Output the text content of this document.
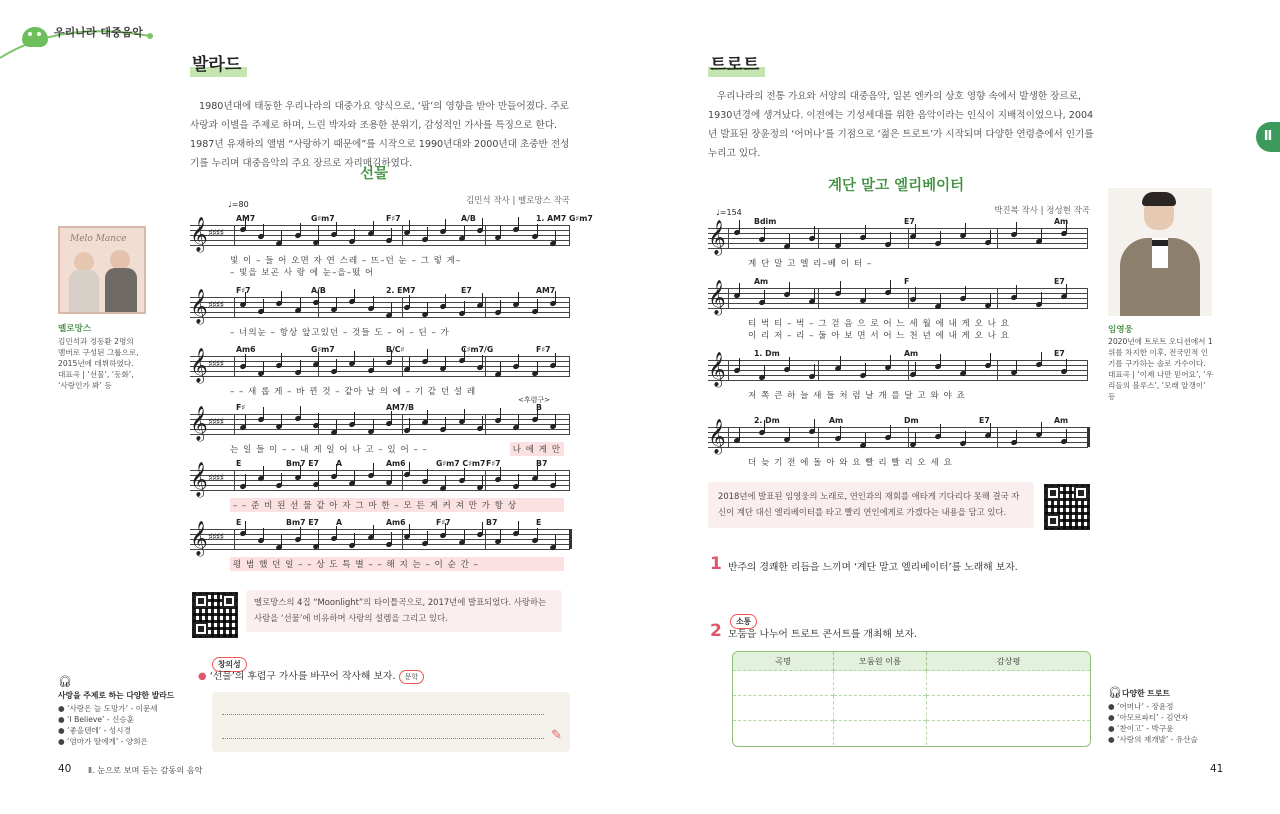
우리나라 대중음악
발라드
1980년대에 태동한 우리나라의 대중가요 양식으로, ‘팝’의 영향을 받아 만들어졌다. 주로 사랑과 이별을 주제로 하며, 느린 박자와 조용한 분위기, 감성적인 가사를 특징으로 한다. 1987년 유재하의 앨범 “사랑하기 때문에”를 시작으로 1990년대와 2000년대 초중반 전성기를 누리며 대중음악의 주요 장르로 자리매김하였다.
선물
김민석 작사 | 멜로망스 작곡
♩=80
AM7	G♯m7	F♯7	A/B	1. AM7 G♯m7
𝄞 ♯♯♯♯
빛 이 – 들 어 오면 자 연 스레 – 뜨–던 눈 – 그 렇 게–
– 빛을 보곤 사 랑 에 눈–을–떴 어
F♯7	A/B	2. EM7	E7	AM7
𝄞 ♯♯♯♯
– 너의눈 – 항상 앞고있던 – 것들 도 – 어 – 딘 – 가
Am6	G♯m7	B/C♯	C♯m7/G	F♯7
𝄞 ♯♯♯♯
– – 새 롭 게 – 바 뀐 것 – 같아 날 의 에 – 기 같 던 설 레
F♯	AM7/B	B
<후렴구>
𝄞 ♯♯♯♯
는 일 들 이 – – 내 게 일 어 나 고 – 있 어 – –	나 에 게 만
E	Bm7 E7 A	Am6	G♯m7 C♯m7 F♯7	B7
𝄞 ♯♯♯♯
– – 준 비 된 선 물 같 아 자 그 마 한 – 모 든 게 커 져 만 가 항 상
E	Bm7 E7 A	Am6	F♯7	B7	E
𝄞 ♯♯♯♯
평 범 했 던 일 – – 상 도 특 별 – – 해 지 는 – 이 순 간 –
Melo Mance
멜로망스
김민석과 정동환 2명의 멤버로 구성된 그룹으로, 2015년에 데뷔하였다. 대표곡 | ‘선물’, ‘동화’, ‘사랑인가 봐’ 등
멜로망스의 4집 “Moonlight”의 타이틀곡으로, 2017년에 발표되었다. 사랑하는 사람을 ‘선물’에 비유하며 사랑의 설렘을 그리고 있다.
창의성
● ‘선물’의 후렴구 가사를 바꾸어 작사해 보자. 문학
✎
🎧︎
사랑을 주제로 하는 다양한 발라드
● ‘사랑은 늘 도망가’ - 이문세
● ‘I Believe’ - 신승훈
● ‘좋을텐데’ - 성시경
● ‘엄마가 딸에게’ - 양희은
40 Ⅱ. 눈으로 보며 듣는 감동의 음악
트로트
우리나라의 전통 가요와 서양의 대중음악, 일본 엔카의 상호 영향 속에서 발생한 장르로, 1930년경에 생겨났다. 이전에는 기성세대를 위한 음악이라는 인식이 지배적이었으나, 2004년 발표된 장윤정의 ‘어머나’를 기점으로 ‘젊은 트로트’가 시작되며 다양한 연령층에서 인기를 누리고 있다.
Ⅱ
계단 말고 엘리베이터
박진복 작사 | 정성현 작곡
♩=154
Bdim	E7	Am
𝄞
계 단 말 고 엘 리–베 이 터 –
Am	F	E7
𝄞
티 벅 티 – 벅 – 그 걷 음 으 로 어 느 세 월 에 내 게 오 나 요
이 리 저 – 리 – 둘 아 보 면 서 어 느 천 년 에 내 게 오 나 요
1. Dm	Am	E7
𝄞
저 쪽 큰 하 늘 새 들 처 럼 날 개 를 달 고 와 야 죠
2. Dm	Am	Dm	E7	Am
𝄞
더 늦 기 전 에 돌 아 와 요 빨 리 빨 리 오 세 요
임영웅
2020년에 트로트 오디션에서 1위를 차지한 이후, 전국민적 인기를 구가하는 솔로 가수이다. 대표곡 | ‘이제 나만 믿어요’, ‘우리들의 블루스’, ‘모래 알갱이’ 등
2018년에 발표된 임영웅의 노래로, 연인과의 재회를 애타게 기다리다 못해 결국 자신이 계단 대신 엘리베이터를 타고 빨리 연인에게로 가겠다는 내용을 담고 있다.
1 반주의 경쾌한 리듬을 느끼며 ‘계단 말고 엘리베이터’를 노래해 보자.
소통
2 모둠을 나누어 트로트 콘서트를 개최해 보자.
곡명	모둠원 이름	감상평

🎧︎ 다양한 트로트
● ‘어머나’ - 장윤정
● ‘아모르파티’ - 김연자
● ‘찬이고’ - 박구윤
● ‘사랑의 재개발’ - 유산슬
41
